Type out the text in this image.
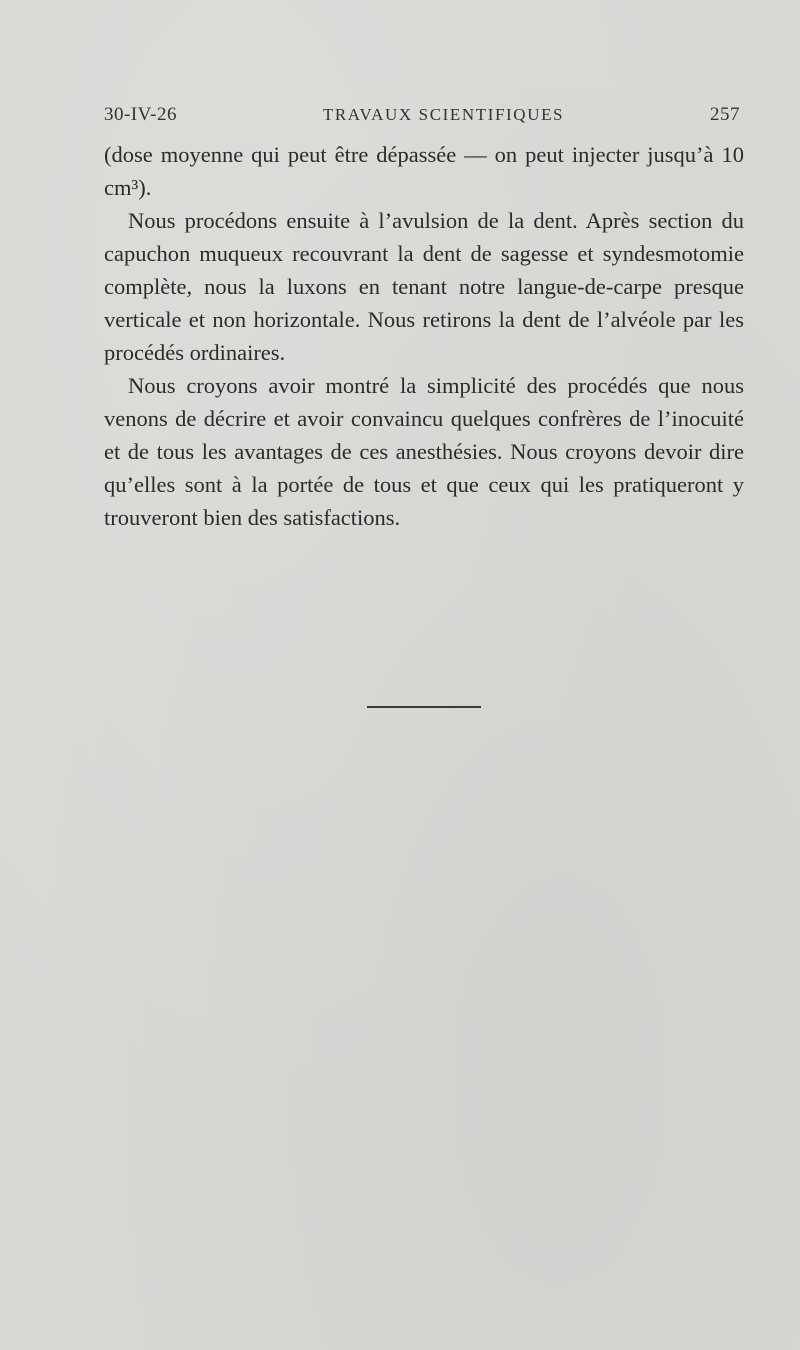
30-IV-26	TRAVAUX SCIENTIFIQUES	257

(dose moyenne qui peut être dépassée — on peut injecter jusqu’à 10 cm³).

Nous procédons ensuite à l’avulsion de la dent. Après section du capuchon muqueux recouvrant la dent de sagesse et syndesmotomie complète, nous la luxons en tenant notre langue-de-carpe presque verticale et non horizontale. Nous retirons la dent de l’alvéole par les procédés ordinaires.

Nous croyons avoir montré la simplicité des procédés que nous venons de décrire et avoir convaincu quelques confrères de l’inocuité et de tous les avantages de ces anesthésies. Nous croyons devoir dire qu’elles sont à la portée de tous et que ceux qui les pratiqueront y trouveront bien des satisfactions.
